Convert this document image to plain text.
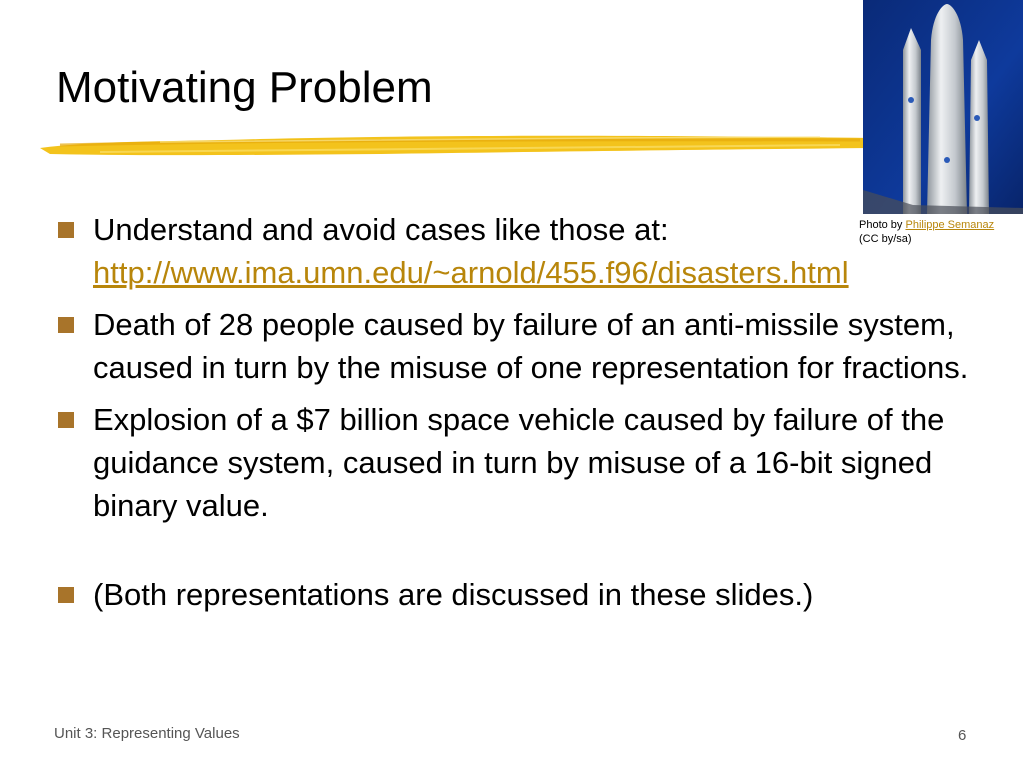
Motivating Problem
Photo by Philippe Semanaz
(CC by/sa)
Understand and avoid cases like those at:
http://www.ima.umn.edu/~arnold/455.f96/disasters.html
Death of 28 people caused by failure of an anti-missile system, caused in turn by the misuse of one representation for fractions.
Explosion of a $7 billion space vehicle caused by failure of the guidance system, caused in turn by misuse of a 16-bit signed binary value.
(Both representations are discussed in these slides.)
Unit 3: Representing Values	6
